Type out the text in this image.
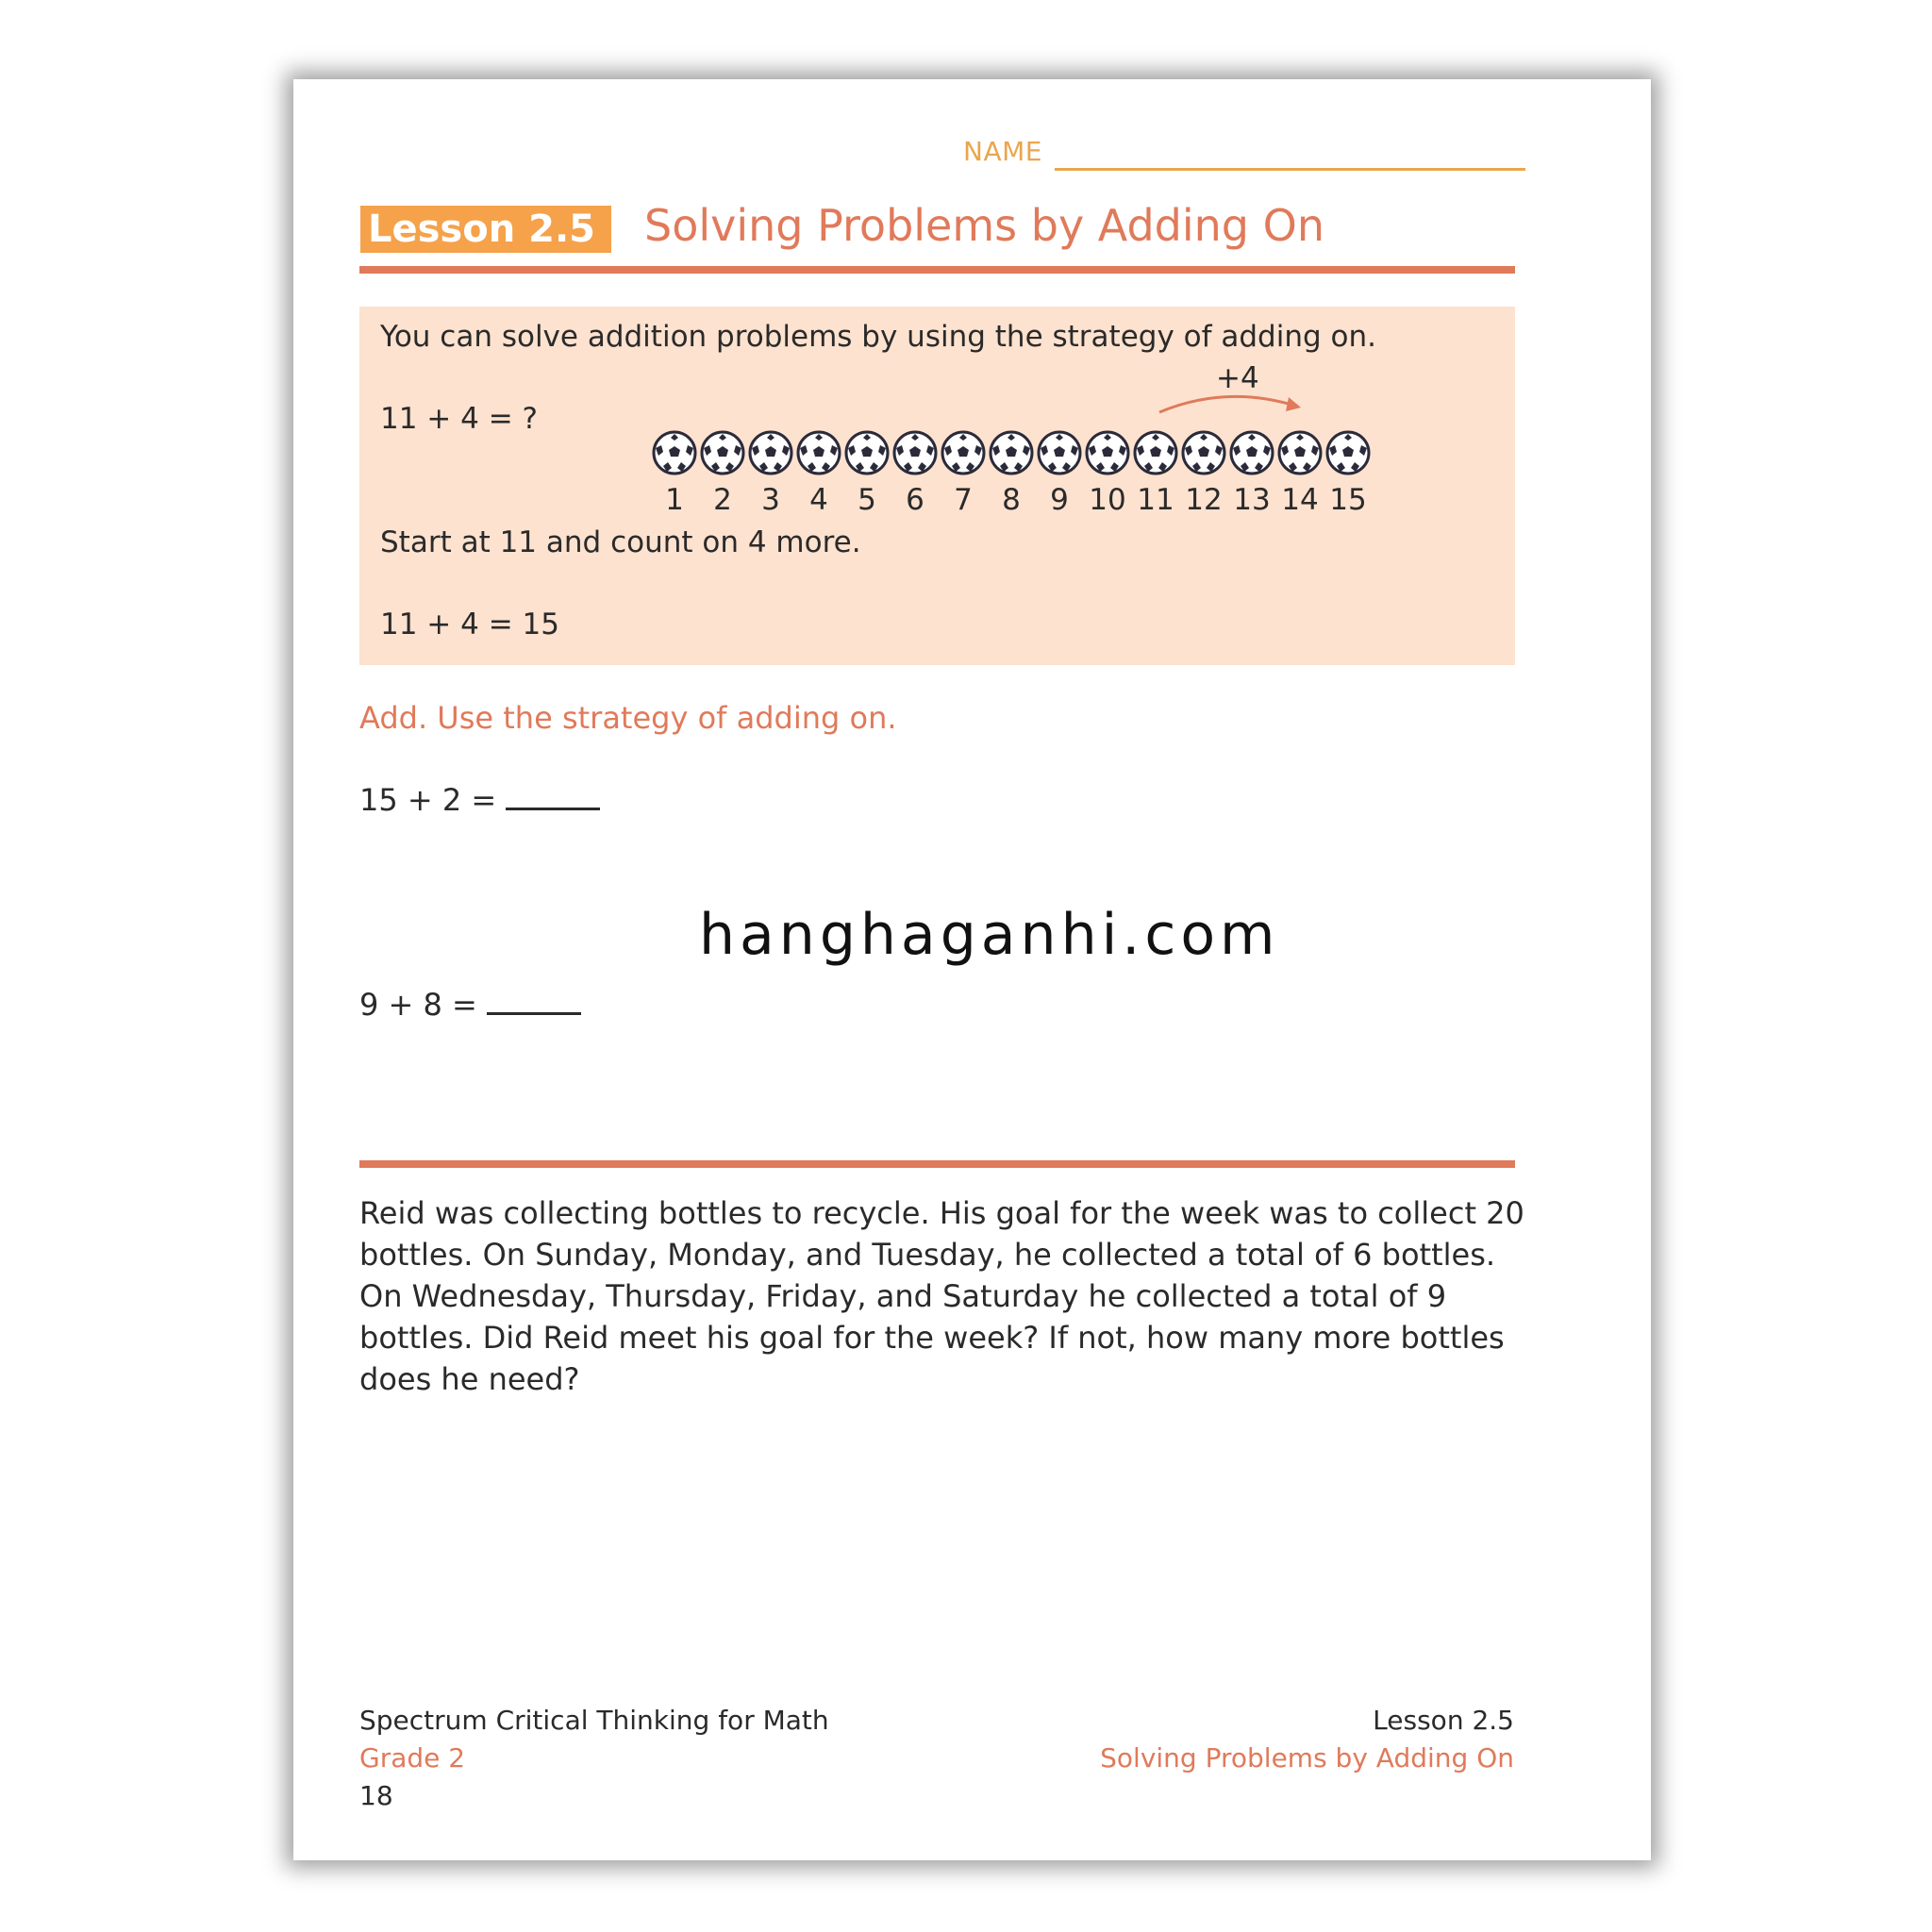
NAME
Lesson 2.5	Solving Problems by Adding On
You can solve addition problems by using the strategy of adding on.
+4
11 + 4 = ?
1	2	3	4	5	6	7	8	9 10 11 12 13 14 15
Start at 11 and count on 4 more.
11 + 4 = 15
Add. Use the strategy of adding on.
15 + 2 =
hanghaganhi.com
9 + 8 =
Reid was collecting bottles to recycle. His goal for the week was to collect 20 bottles. On Sunday, Monday, and Tuesday, he collected a total of 6 bottles. On Wednesday, Thursday, Friday, and Saturday he collected a total of 9 bottles. Did Reid meet his goal for the week? If not, how many more bottles does he need?
Spectrum Critical Thinking for Math
Grade 2
18
Lesson 2.5
Solving Problems by Adding On
